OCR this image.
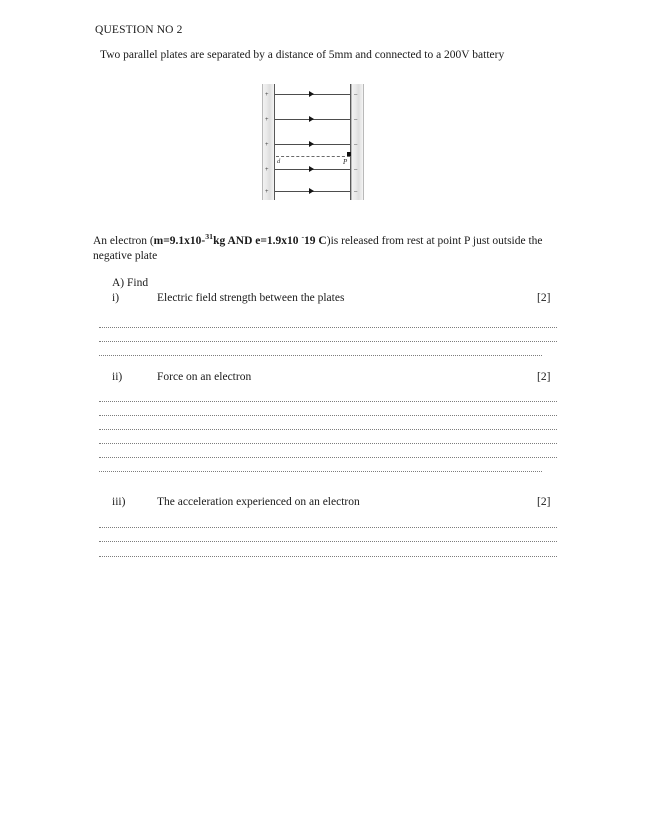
QUESTION NO 2
Two parallel plates are separated by a distance of 5mm and connected to a 200V battery
+
+
+
+
+
–
–
–
–
–
d	P
An electron (m=9.1x10-$^{31}$kg AND e=1.9x10 -19 C)is released from rest at point P just outside the negative plate
A) Find
i)	Electric field strength between the plates	[2]
ii)	Force on an electron	[2]
iii)	The acceleration experienced on an electron	[2]
